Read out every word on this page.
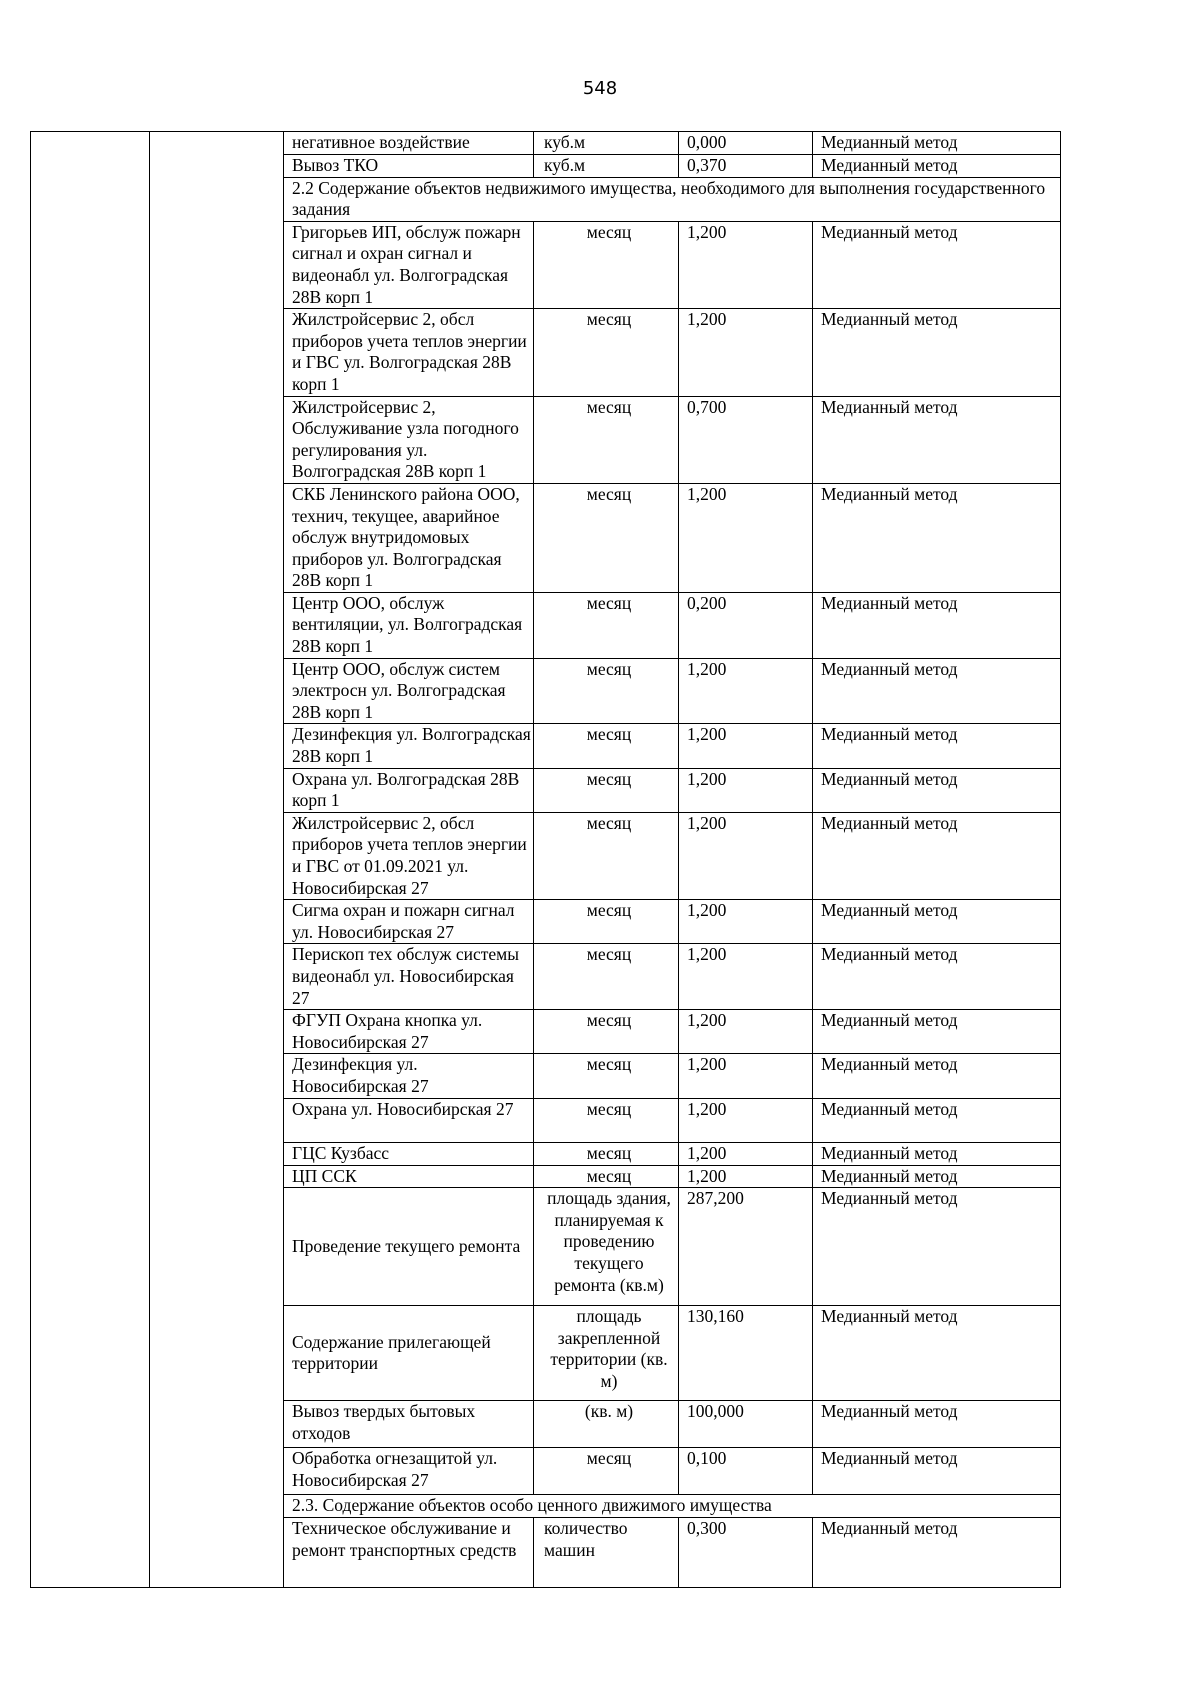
548
		негативное воздействие	куб.м	0,000	Медианный метод
		Вывоз ТКО	куб.м	0,370	Медианный метод
		2.2 Содержание объектов недвижимого имущества, необходимого для выполнения государственного задания			
		Григорьев ИП, обслуж пожарн сигнал и охран сигнал и видеонабл ул. Волгоградская 28В корп 1	месяц	1,200	Медианный метод
		Жилстройсервис 2, обсл приборов учета теплов энергии и ГВС ул. Волгоградская 28В корп 1	месяц	1,200	Медианный метод
		Жилстройсервис 2, Обслуживание узла погодного регулирования ул. Волгоградская 28В корп 1	месяц	0,700	Медианный метод
		СКБ Ленинского района ООО, технич, текущее, аварийное обслуж внутридомовых приборов ул. Волгоградская 28В корп 1	месяц	1,200	Медианный метод
		Центр ООО, обслуж вентиляции, ул. Волгоградская 28В корп 1	месяц	0,200	Медианный метод
		Центр ООО, обслуж систем электросн ул. Волгоградская 28В корп 1	месяц	1,200	Медианный метод
		Дезинфекция ул. Волгоградская 28В корп 1	месяц	1,200	Медианный метод
		Охрана ул. Волгоградская 28В корп 1	месяц	1,200	Медианный метод
		Жилстройсервис 2, обсл приборов учета теплов энергии и ГВС от 01.09.2021 ул. Новосибирская 27	месяц	1,200	Медианный метод
		Сигма охран и пожарн сигнал ул. Новосибирская 27	месяц	1,200	Медианный метод
		Перископ тех обслуж системы видеонабл ул. Новосибирская 27	месяц	1,200	Медианный метод
		ФГУП Охрана кнопка ул. Новосибирская 27	месяц	1,200	Медианный метод
		Дезинфекция ул. Новосибирская 27	месяц	1,200	Медианный метод
		Охрана ул. Новосибирская 27	месяц	1,200	Медианный метод
		ГЦС Кузбасс	месяц	1,200	Медианный метод
		ЦП ССК	месяц	1,200	Медианный метод
		Проведение текущего ремонта	площадь здания, планируемая к проведению текущего ремонта (кв.м)	287,200	Медианный метод
		Содержание прилегающей территории	площадь закрепленной территории (кв. м)	130,160	Медианный метод
		Вывоз твердых бытовых отходов	(кв. м)	100,000	Медианный метод
		Обработка огнезащитой ул. Новосибирская 27	месяц	0,100	Медианный метод
		2.3. Содержание объектов особо ценного движимого имущества			
		Техническое обслуживание и ремонт транспортных средств	количество машин	0,300	Медианный метод
